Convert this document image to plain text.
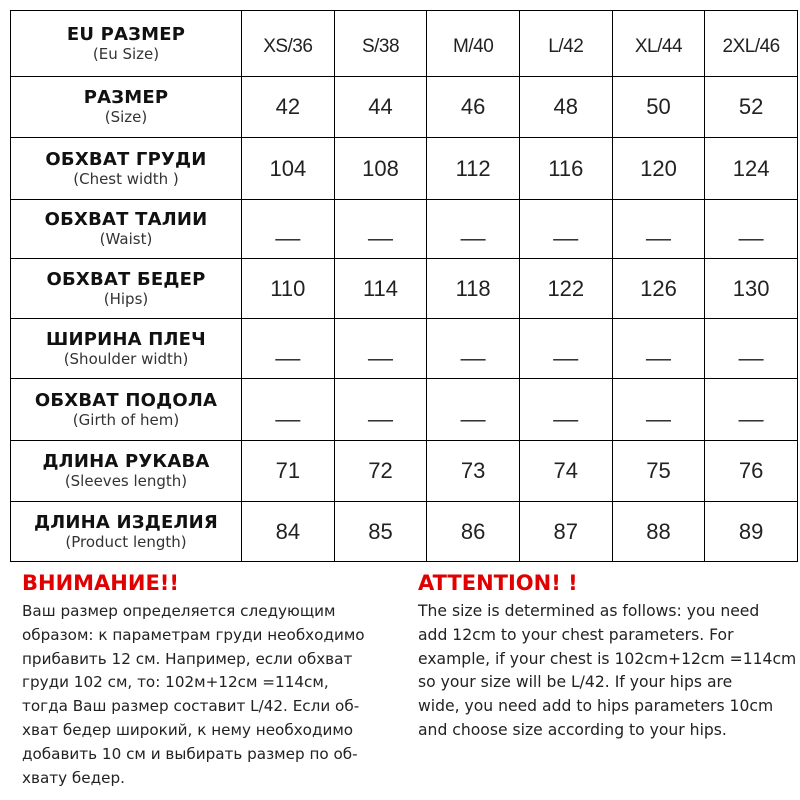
EU РАЗМЕР
(Eu Size)	XS/36	S/38	M/40	L/42	XL/44	2XL/46

РАЗМЕР
(Size)	42	44	46	48	50	52

ОБХВАТ ГРУДИ
(Chest width )	104	108	112	116	120	124

ОБХВАТ ТАЛИИ
(Waist)	__	__	__	__	__	__

ОБХВАТ БЕДЕР
(Hips)	110	114	118	122	126	130

ШИРИНА ПЛЕЧ
(Shoulder width)	__	__	__	__	__	__

ОБХВАТ ПОДОЛА
(Girth of hem)	__	__	__	__	__	__

ДЛИНА РУКАВА
(Sleeves length)	71	72	73	74	75	76

ДЛИНА ИЗДЕЛИЯ
(Product length)	84	85	86	87	88	89

ВНИМАНИЕ!!

Ваш размер определяется следующим
образом: к параметрам груди необходимо
прибавить 12 см. Например, если обхват
груди 102 см, то: 102м+12см =114см,
тогда Ваш размер составит L/42. Если об-
хват бедер широкий, к нему необходимо
добавить 10 см и выбирать размер по об-
хвату бедер.

ATTENTION! !

The size is determined as follows: you need
add 12cm to your chest parameters. For
example, if your chest is 102cm+12cm =114cm
so your size will be L/42. If your hips are
wide, you need add to hips parameters 10cm
and choose size according to your hips.
